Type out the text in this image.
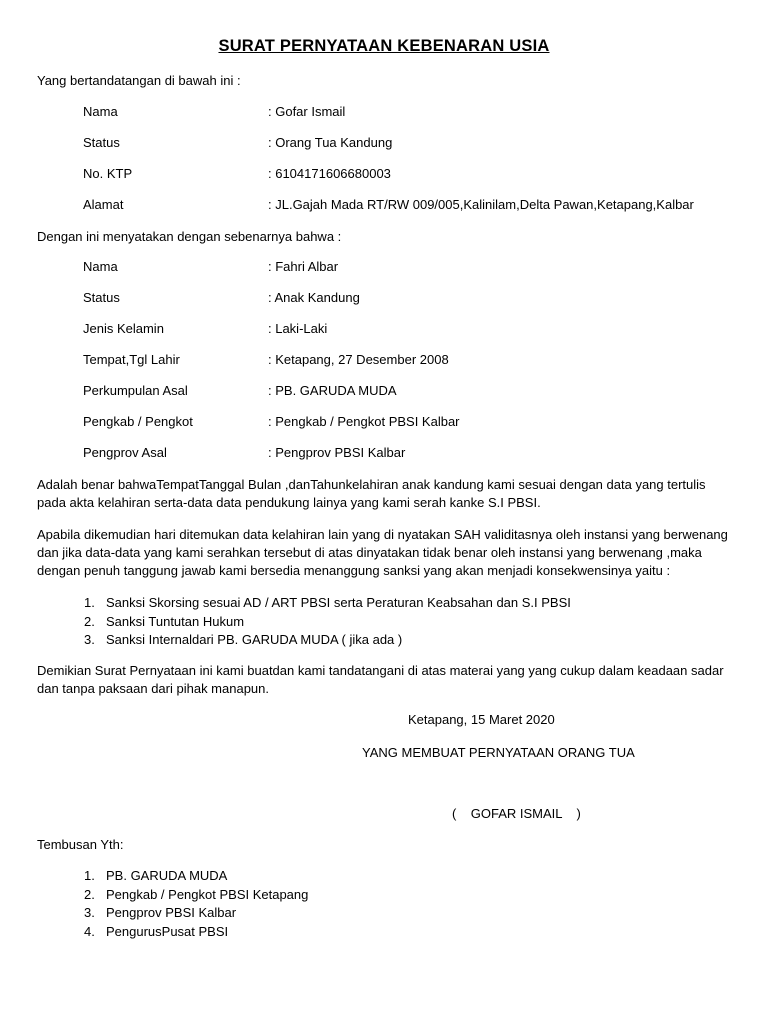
SURAT PERNYATAAN KEBENARAN USIA
Yang bertandatangan di bawah ini :
Nama	: Gofar Ismail
Status	: Orang Tua Kandung
No. KTP	: 6104171606680003
Alamat	: JL.Gajah Mada RT/RW 009/005,Kalinilam,Delta Pawan,Ketapang,Kalbar
Dengan ini menyatakan dengan sebenarnya bahwa :
Nama	: Fahri Albar
Status	: Anak Kandung
Jenis Kelamin	: Laki-Laki
Tempat,Tgl Lahir	: Ketapang, 27 Desember 2008
Perkumpulan Asal	: PB. GARUDA MUDA
Pengkab / Pengkot	: Pengkab / Pengkot PBSI Kalbar
Pengprov Asal	: Pengprov PBSI Kalbar
Adalah benar bahwaTempatTanggal Bulan ,danTahunkelahiran anak kandung kami sesuai dengan data yang tertulis
pada akta kelahiran serta-data data pendukung lainya yang kami serah kanke S.I PBSI.
Apabila dikemudian hari ditemukan data kelahiran lain yang di nyatakan SAH validitasnya oleh instansi yang berwenang
dan jika data-data yang kami serahkan tersebut di atas dinyatakan tidak benar oleh instansi yang berwenang ,maka
dengan penuh tanggung jawab kami bersedia menanggung sanksi yang akan menjadi konsekwensinya yaitu :
1. Sanksi Skorsing sesuai AD / ART PBSI serta Peraturan Keabsahan dan S.I PBSI
2. Sanksi Tuntutan Hukum
3. Sanksi Internaldari PB. GARUDA MUDA ( jika ada )
Demikian Surat Pernyataan ini kami buatdan kami tandatangani di atas materai yang yang cukup dalam keadaan sadar
dan tanpa paksaan dari pihak manapun.
Ketapang, 15 Maret 2020
YANG MEMBUAT PERNYATAAN ORANG TUA
(    GOFAR ISMAIL    )
Tembusan Yth:
1. PB. GARUDA MUDA
2. Pengkab / Pengkot PBSI Ketapang
3. Pengprov PBSI Kalbar
4. PengurusPusat PBSI
